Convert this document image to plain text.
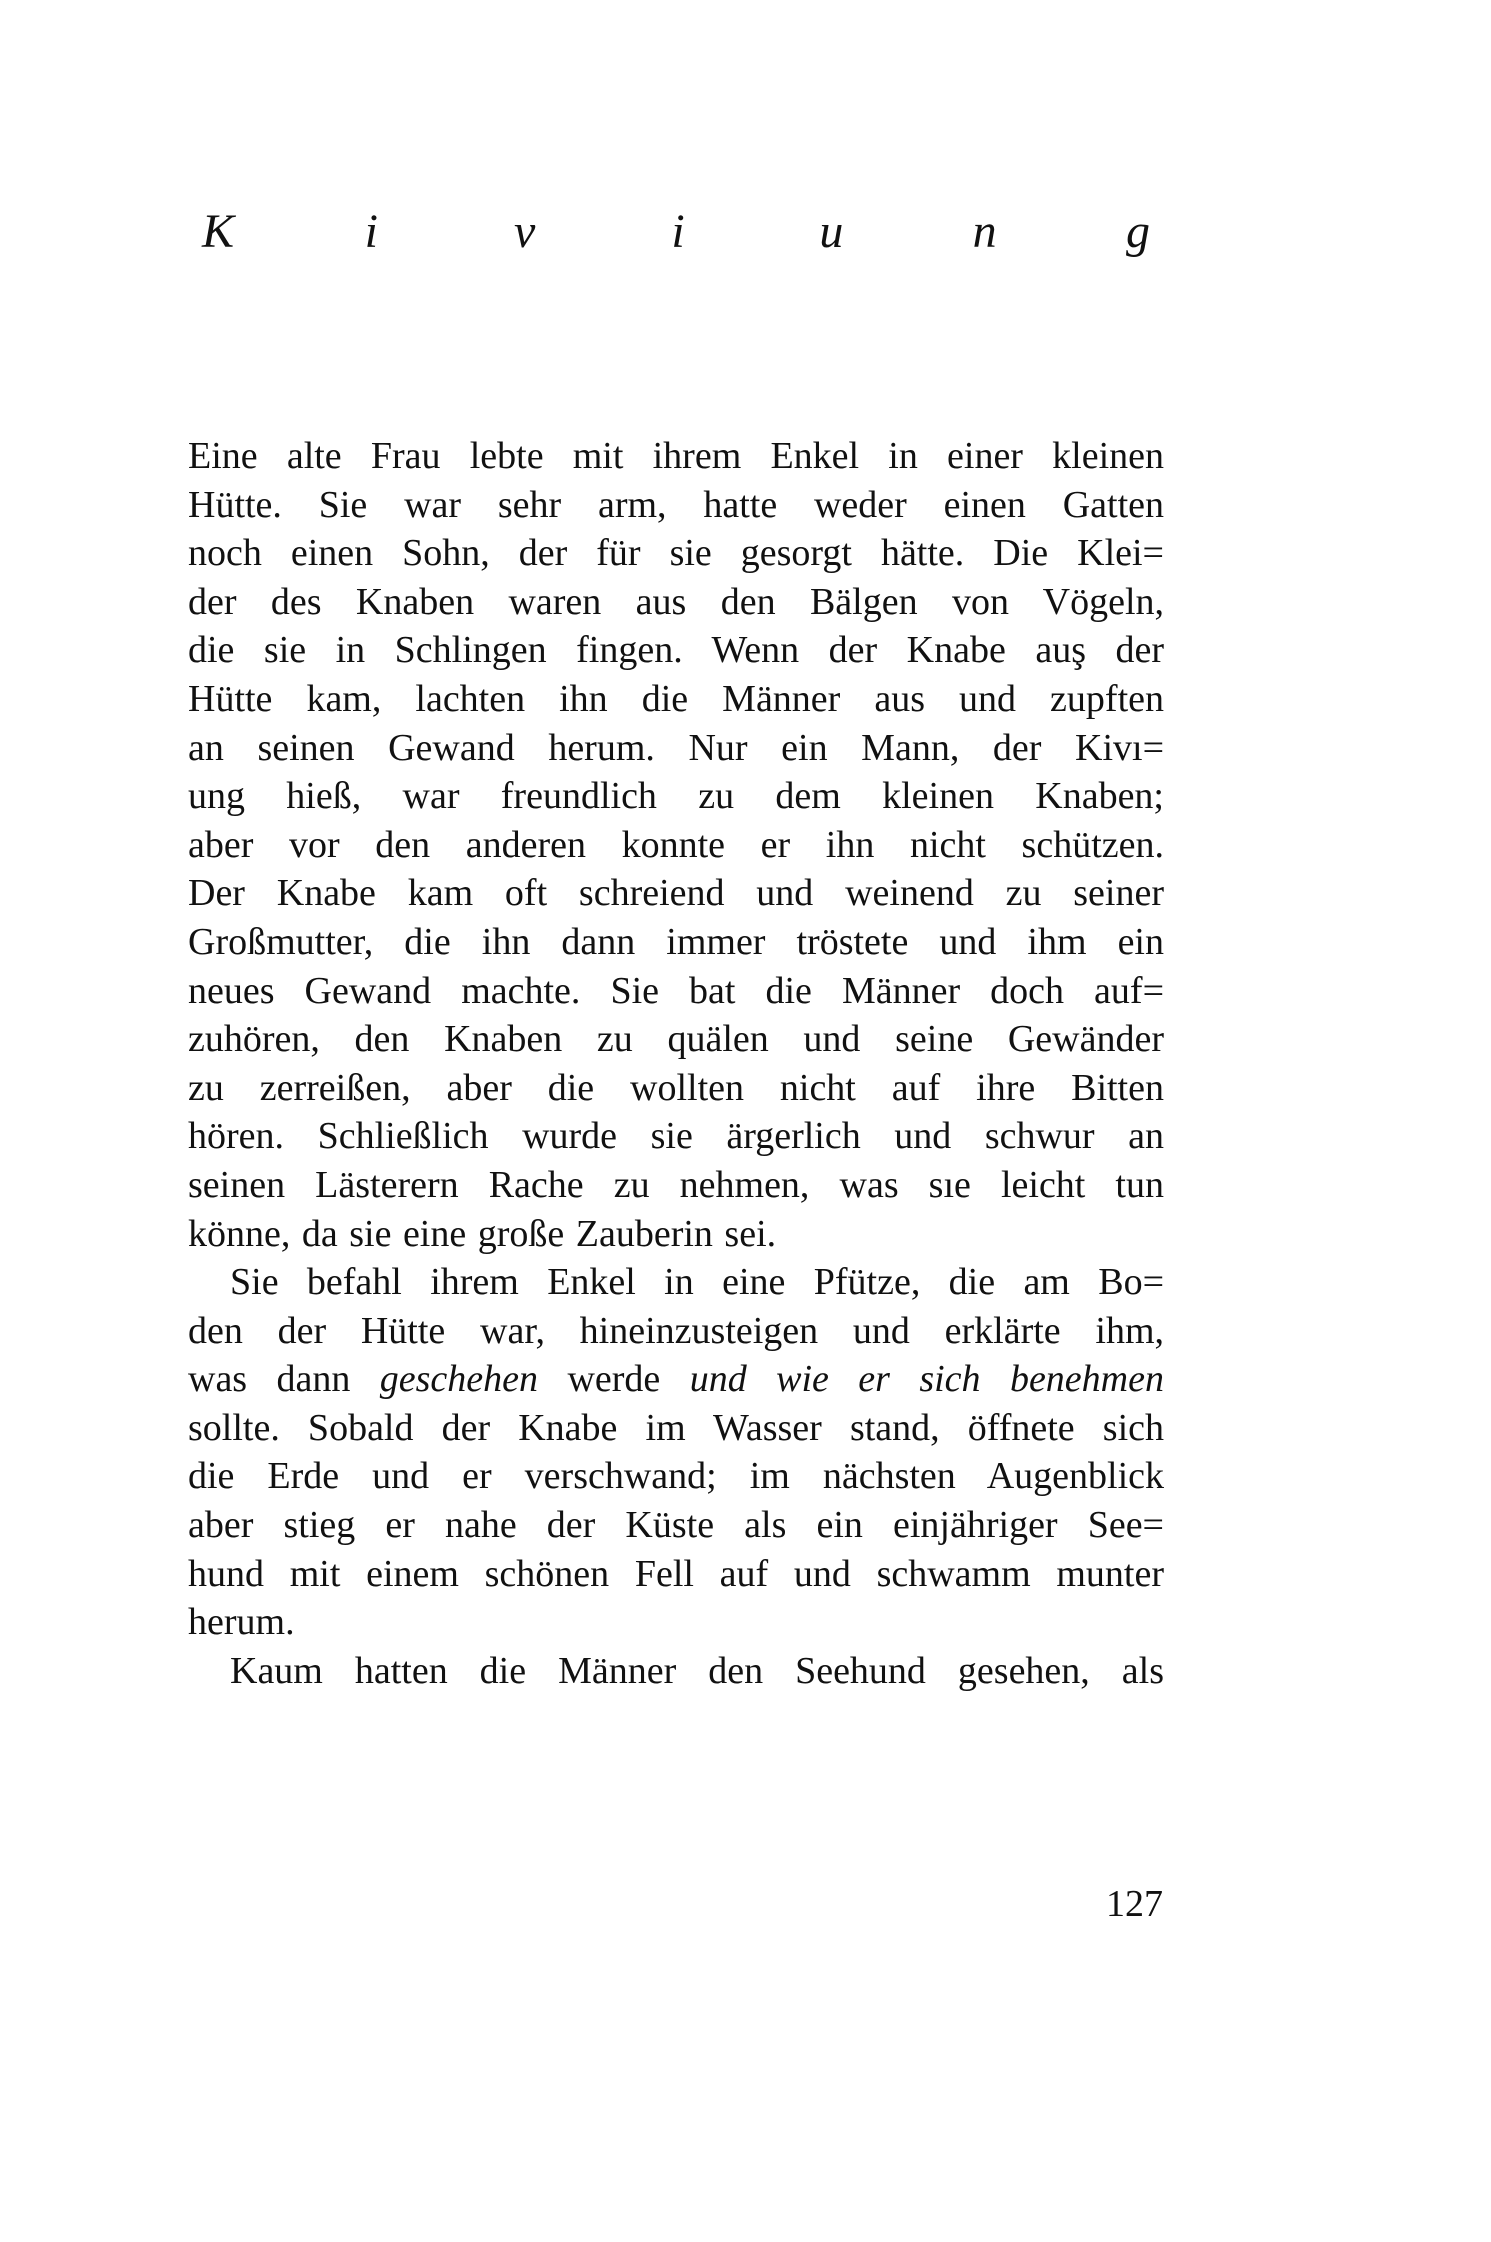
K	i	v	i	u	n	g
Eine alte Frau lebte mit ihrem Enkel in einer kleinen
Hütte. Sie war sehr arm, hatte weder einen Gatten
noch einen Sohn, der für sie gesorgt hätte. Die Klei=
der des Knaben waren aus den Bälgen von Vögeln,
die sie in Schlingen fingen. Wenn der Knabe auş der
Hütte kam, lachten ihn die Männer aus und zupften
an seinen Gewand herum. Nur ein Mann, der Kivı=
ung hieß, war freundlich zu dem kleinen Knaben;
aber vor den anderen konnte er ihn nicht schützen.
Der Knabe kam oft schreiend und weinend zu seiner
Großmutter, die ihn dann immer tröstete und ihm ein
neues Gewand machte. Sie bat die Männer doch auf=
zuhören, den Knaben zu quälen und seine Gewänder
zu zerreißen, aber die wollten nicht auf ihre Bitten
hören. Schließlich wurde sie ärgerlich und schwur an
seinen Lästerern Rache zu nehmen, was sıe leicht tun
könne, da sie eine große Zauberin sei.
Sie befahl ihrem Enkel in eine Pfütze, die am Bo=
den der Hütte war, hineinzusteigen und erklärte ihm,
was dann geschehen werde und wie er sich benehmen
sollte. Sobald der Knabe im Wasser stand, öffnete sich
die Erde und er verschwand; im nächsten Augenblick
aber stieg er nahe der Küste als ein einjähriger See=
hund mit einem schönen Fell auf und schwamm munter
herum.
Kaum hatten die Männer den Seehund gesehen, als
127
